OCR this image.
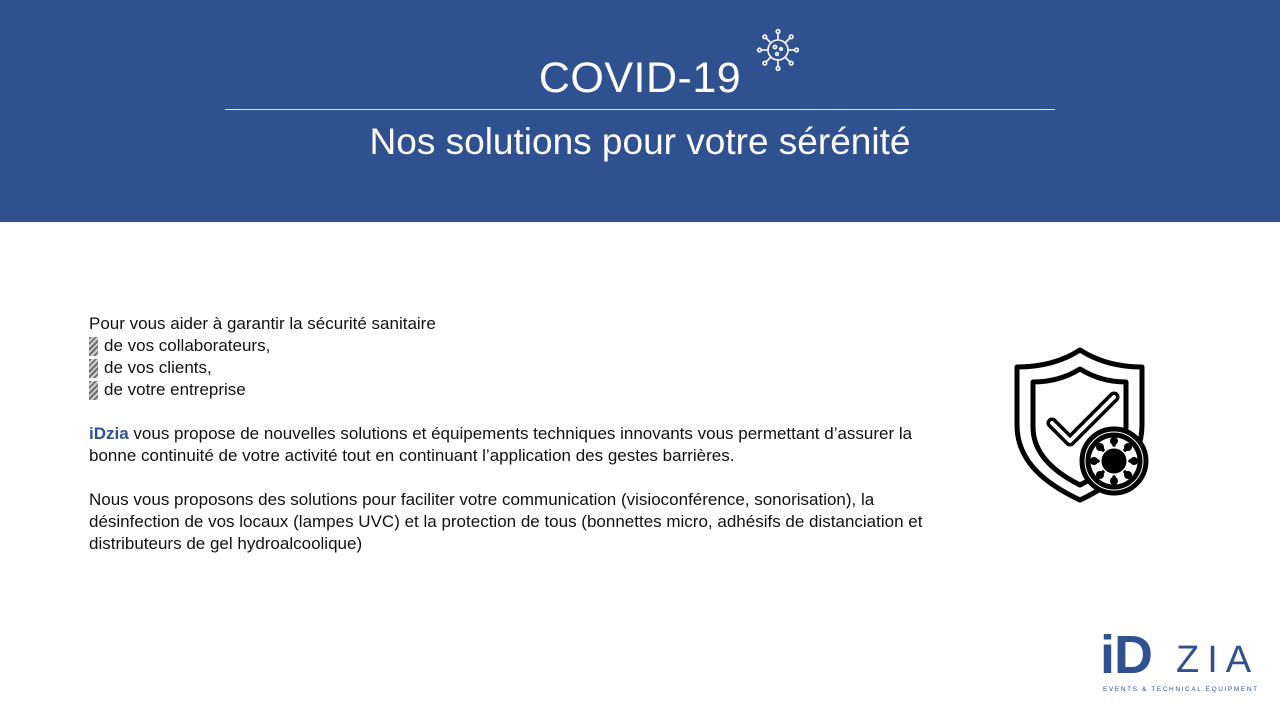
COVID-19
Nos solutions pour votre sérénité
Pour vous aider à garantir la sécurité sanitaire
de vos collaborateurs,
de vos clients,
de votre entreprise

iDzia vous propose de nouvelles solutions et équipements techniques innovants vous permettant d’assurer la bonne continuité de votre activité tout en continuant l’application des gestes barrières.

Nous vous proposons des solutions pour faciliter votre communication (visioconférence, sonorisation), la désinfection de vos locaux (lampes UVC) et la protection de tous (bonnettes micro, adhésifs de distanciation et distributeurs de gel hydroalcoolique)

iD ZIA
EVENTS & TECHNICAL EQUIPMENT
